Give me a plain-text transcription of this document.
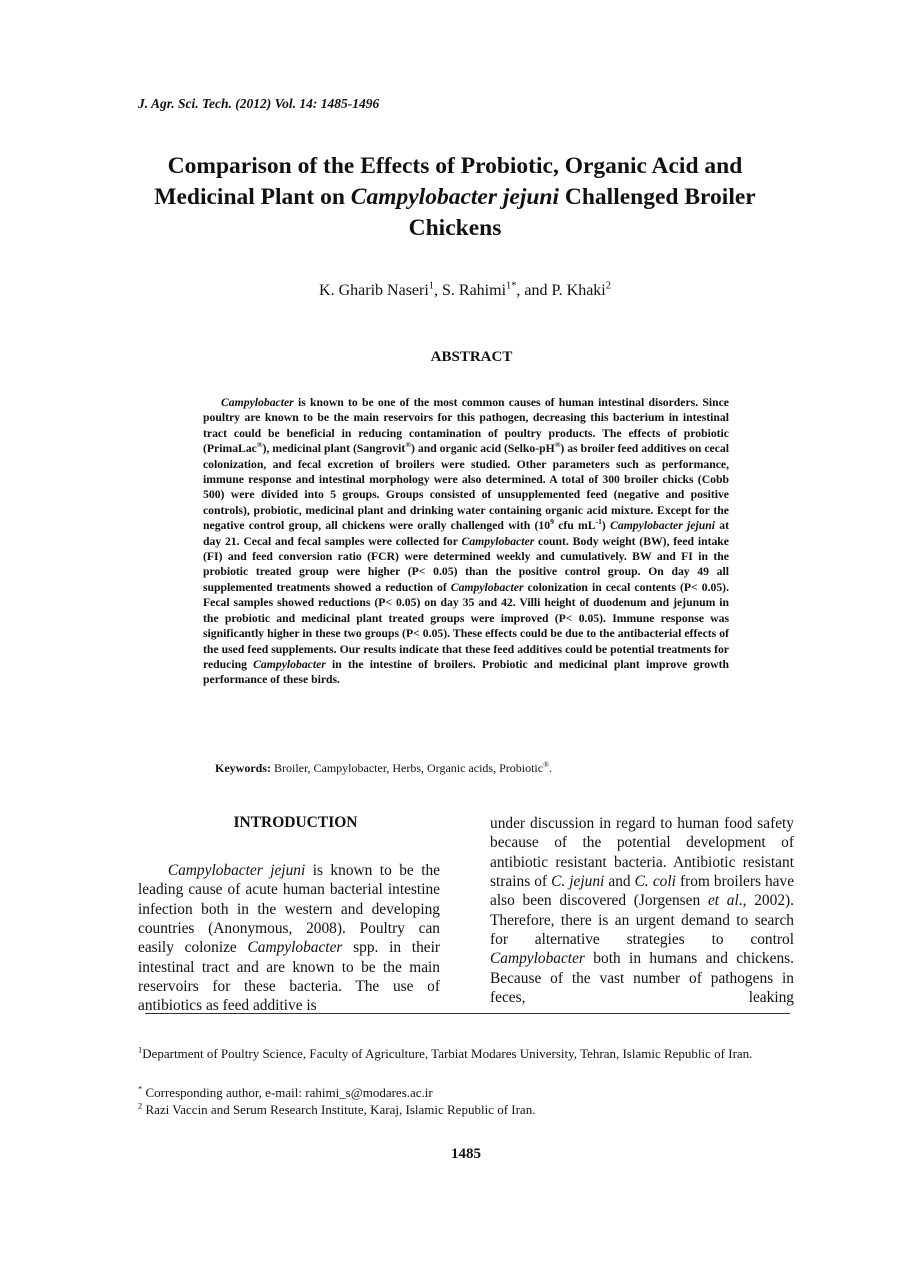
J. Agr. Sci. Tech. (2012) Vol. 14: 1485-1496
Comparison of the Effects of Probiotic, Organic Acid and Medicinal Plant on Campylobacter jejuni Challenged Broiler Chickens
K. Gharib Naseri$^1$, S. Rahimi$^{1*}$, and P. Khaki$^2$
ABSTRACT
Campylobacter is known to be one of the most common causes of human intestinal disorders. Since poultry are known to be the main reservoirs for this pathogen, decreasing this bacterium in intestinal tract could be beneficial in reducing contamination of poultry products. The effects of probiotic (PrimaLac®), medicinal plant (Sangrovit®) and organic acid (Selko-pH®) as broiler feed additives on cecal colonization, and fecal excretion of broilers were studied. Other parameters such as performance, immune response and intestinal morphology were also determined. A total of 300 broiler chicks (Cobb 500) were divided into 5 groups. Groups consisted of unsupplemented feed (negative and positive controls), probiotic, medicinal plant and drinking water containing organic acid mixture. Except for the negative control group, all chickens were orally challenged with ($10^9$ cfu $mL^{-1}$) Campylobacter jejuni at day 21. Cecal and fecal samples were collected for Campylobacter count. Body weight (BW), feed intake (FI) and feed conversion ratio (FCR) were determined weekly and cumulatively. BW and FI in the probiotic treated group were higher (P< 0.05) than the positive control group. On day 49 all supplemented treatments showed a reduction of Campylobacter colonization in cecal contents (P< 0.05). Fecal samples showed reductions (P< 0.05) on day 35 and 42. Villi height of duodenum and jejunum in the probiotic and medicinal plant treated groups were improved (P< 0.05). Immune response was significantly higher in these two groups (P< 0.05). These effects could be due to the antibacterial effects of the used feed supplements. Our results indicate that these feed additives could be potential treatments for reducing Campylobacter in the intestine of broilers. Probiotic and medicinal plant improve growth performance of these birds.
Keywords: Broiler, Campylobacter, Herbs, Organic acids, Probiotic®.
INTRODUCTION
Campylobacter jejuni is known to be the leading cause of acute human bacterial intestine infection both in the western and developing countries (Anonymous, 2008). Poultry can easily colonize Campylobacter spp. in their intestinal tract and are known to be the main reservoirs for these bacteria. The use of antibiotics as feed additive is
under discussion in regard to human food safety because of the potential development of antibiotic resistant bacteria. Antibiotic resistant strains of C. jejuni and C. coli from broilers have also been discovered (Jorgensen et al., 2002). Therefore, there is an urgent demand to search for alternative strategies to control Campylobacter both in humans and chickens. Because of the vast number of pathogens in feces, leaking
$^1$Department of Poultry Science, Faculty of Agriculture, Tarbiat Modares University, Tehran, Islamic Republic of Iran.
* Corresponding author, e-mail: rahimi_s@modares.ac.ir
$^2$ Razi Vaccin and Serum Research Institute, Karaj, Islamic Republic of Iran.
1485
